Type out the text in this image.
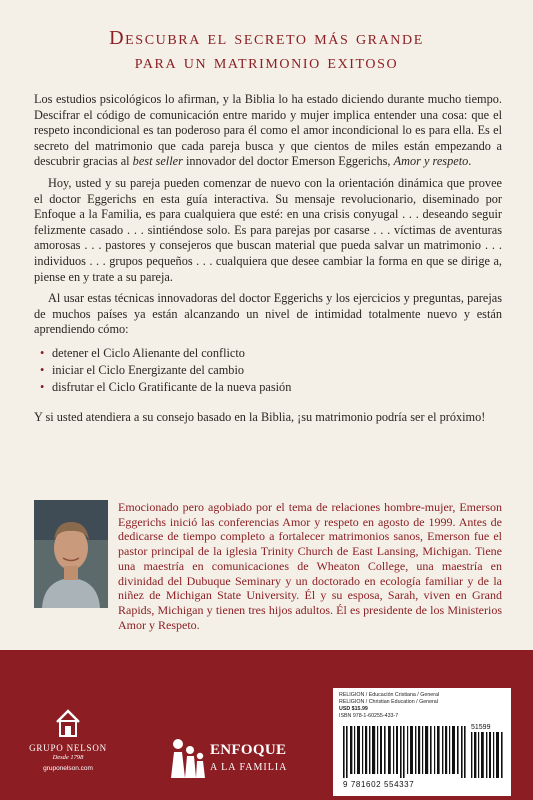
Descubra el secreto más grande
para un matrimonio exitoso

Los estudios psicológicos lo afirman, y la Biblia lo ha estado diciendo durante mucho tiempo. Descifrar el código de comunicación entre marido y mujer implica entender una cosa: que el respeto incondicional es tan poderoso para él como el amor incondicional lo es para ella. Es el secreto del matrimonio que cada pareja busca y que cientos de miles están empezando a descubrir gracias al best seller innovador del doctor Emerson Eggerichs, Amor y respeto.

Hoy, usted y su pareja pueden comenzar de nuevo con la orientación dinámica que provee el doctor Eggerichs en esta guía interactiva. Su mensaje revolucionario, diseminado por Enfoque a la Familia, es para cualquiera que esté: en una crisis conyugal . . . deseando seguir felizmente casado . . . sintiéndose solo. Es para parejas por casarse . . . víctimas de aventuras amorosas . . . pastores y consejeros que buscan material que pueda salvar un matrimonio . . . individuos . . . grupos pequeños . . . cualquiera que desee cambiar la forma en que se dirige a, piense en y trate a su pareja.

Al usar estas técnicas innovadoras del doctor Eggerichs y los ejercicios y preguntas, parejas de muchos países ya están alcanzando un nivel de intimidad totalmente nuevo y están aprendiendo cómo:

• detener el Ciclo Alienante del conflicto
• iniciar el Ciclo Energizante del cambio
• disfrutar el Ciclo Gratificante de la nueva pasión

Y si usted atendiera a su consejo basado en la Biblia, ¡su matrimonio podría ser el próximo!

Emocionado pero agobiado por el tema de relaciones hombre-mujer, Emerson Eggerichs inició las conferencias Amor y respeto en agosto de 1999. Antes de dedicarse de tiempo completo a fortalecer matrimonios sanos, Emerson fue el pastor principal de la iglesia Trinity Church de East Lansing, Michigan. Tiene una maestría en comunicaciones de Wheaton College, una maestría en divinidad del Dubuque Seminary y un doctorado en ecología familiar y de la niñez de Michigan State University. Él y su esposa, Sarah, viven en Grand Rapids, Michigan y tienen tres hijos adultos. Él es presidente de los Ministerios Amor y Respeto.

GRUPO NELSON
Desde 1798
gruponelson.com
ENFOQUE
A LA FAMILIA
RELIGIÓN / Educación Cristiana / General
RELIGION / Christian Education / General
USD $15.99
ISBN 978-1-60255-433-7
51599
9 781602 554337
